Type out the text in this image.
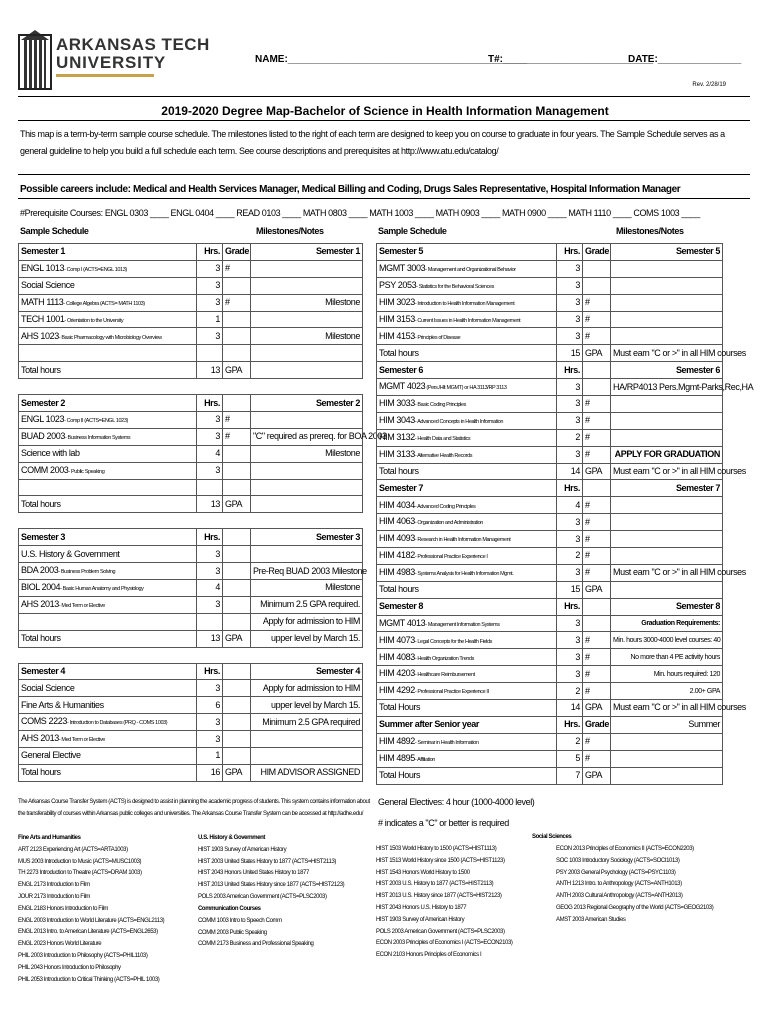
ARKANSAS TECH
UNIVERSITY	NAME:___________________________________________
T#:___________________________
DATE:_______________
Rev. 2/28/19
2019-2020 Degree Map-Bachelor of Science in Health Information Management
This map is a term-by-term sample course schedule. The milestones listed to the right of each term are designed to keep you on course to graduate in four years. The Sample Schedule serves as a general guideline to help you build a full schedule each term. See course descriptions and prerequisites at http://www.atu.edu/catalog/
Possible careers include: Medical and Health Services Manager, Medical Billing and Coding, Drugs Sales Representative, Hospital Information Manager
#Prerequisite Courses: ENGL 0303 ____ ENGL 0404 ____ READ 0103 ____ MATH 0803 ____ MATH 1003 ____ MATH 0903 ____ MATH 0900 ____ MATH 1110 ____ COMS 1003 ____
Sample Schedule	Milestones/Notes	Sample Schedule	Milestones/Notes
Semester 1	Hrs.	Grade	Semester 1
ENGL 1013- Comp I (ACTS=ENGL 1013)	3	#	
Social Science	3		
MATH 1113- College Algebra (ACTS= MATH 1103)	3	#	Milestone
TECH 1001- Orientation to the University	1		
AHS 1023- Basic Pharmacology with Microbiology Overview	3		Milestone

Total hours	13	GPA	

Semester 2	Hrs.		Semester 2
ENGL 1023- Comp II (ACTS=ENGL 1023)	3	#	
BUAD 2003- Business Information Systems	3	#	"C" required as prereq. for BOA 2003
Science with lab	4		Milestone
COMM 2003- Public Speaking	3		

Total hours	13	GPA	

Semester 3	Hrs.		Semester 3
U.S. History & Government	3		
BDA 2003- Business Problem Solving	3		Pre-Req BUAD 2003 Milestone
BIOL 2004- Basic Human Anatomy and Physiology	4		Milestone
AHS 2013- Med Term or Elective	3		Minimum 2.5 GPA required.
			Apply for admission to HIM
Total hours	13	GPA	upper level by March 15.

Semester 4	Hrs.		Semester 4
Social Science	3		Apply for admission to HIM
Fine Arts & Humanities	6		upper level by March 15.
COMS 2223- Introduction to Databases (PRQ - COMS 1003)	3		Minimum 2.5 GPA required
AHS 2013- Med Term or Elective	3		
General Elective	1		
Total hours	16	GPA	HIM ADVISOR ASSIGNED
Semester 5	Hrs.	Grade	Semester 5
MGMT 3003- Management and Organizational Behavior	3		
PSY 2053- Statistics for the Behavioral Sciences	3		
HIM 3023- Introduction to Health Information Management	3	#	
HIM 3153- Current Issues in Health Information Management	3	#	
HIM 4153- Principles of Disease	3	#	
Total hours	15	GPA	Must earn "C or >" in all HIM courses
Semester 6	Hrs.		Semester 6
MGMT 4023 (Pers./Hlt MGMT) or HA 3113/RP 3113	3		HA/RP4013 Pers.Mgmt-Parks,Rec,HA
HIM 3033- Basic Coding Principles	3	#	
HIM 3043- Advanced Concepts in Health Information	3	#	
HIM 3132- Health Data and Statistics	2	#	
HIM 3133- Alternative Health Records	3	#	APPLY FOR GRADUATION
Total hours	14	GPA	Must earn "C or >" in all HIM courses
Semester 7	Hrs.		Semester 7
HIM 4034- Advanced Coding Principles	4	#	
HIM 4063- Organization and Administration	3	#	
HIM 4093- Research in Health Information Management	3	#	
HIM 4182- Professional Practice Experience I	2	#	
HIM 4983- Systems Analysis for Health Information Mgmt.	3	#	Must earn "C or >" in all HIM courses
Total hours	15	GPA	
Semester 8	Hrs.		Semester 8
MGMT 4013- Management Information Systems	3		Graduation Requirements:
HIM 4073- Legal Concepts for the Health Fields	3	#	Min. hours 3000-4000 level courses: 40
HIM 4083- Health Organization Trends	3	#	No more than 4 PE activity hours
HIM 4203- Healthcare Reimbursement	3	#	Min. hours required: 120
HIM 4292- Professional Practice Experience II	2	#	2.00+ GPA
Total Hours	14	GPA	Must earn "C or >" in all HIM courses
Summer after Senior year	Hrs.	Grade	Summer
HIM 4892- Seminar in Health Information	2	#	
HIM 4895- Affiliation	5	#	
Total Hours	7	GPA	
The Arkansas Course Transfer System (ACTS) is designed to assist in planning the academic progress of students. This system contains information about the transferability of courses within Arkansas public colleges and universities. The Arkansas Course Transfer System can be accessed at http://adhe.edu/
Fine Arts and Humanities
ART 2123 Experiencing Art (ACTS=ARTA1003)
MUS 2003 Introduction to Music (ACTS=MUSC1003)
TH 2273 Introduction to Theatre (ACTS=DRAM 1003)
ENGL 2173 Introduction to Film
JOUR 2173 Introduction to Film
ENGL 2183 Honors Introduction to Film
ENGL 2003 Introduction to World Literature (ACTS=ENGL2113)
ENGL 2013 Intro. to American Literature (ACTS=ENGL2653)
ENGL 2023 Honors World Literature
PHIL 2003 Introduction to Philosophy (ACTS=PHIL1103)
PHIL 2043 Honors Introduction to Philosophy
PHIL 2053 Introduction to Critical Thinking (ACTS=PHIL 1003)
U.S. History & Government
HIST 1903 Survey of American History
HIST 2003 United States History to 1877 (ACTS=HIST2113)
HIST 2043 Honors United States History to 1877
HIST 2013 United States History since 1877 (ACTS=HIST2123)
POLS 2003 American Government (ACTS=PLSC2003)
Communication Courses
COMM 1003 Intro to Speech Comm
COMM 2003 Public Speaking
COMM 2173 Business and Professional Speaking
General Electives: 4 hour (1000-4000 level)
# indicates a "C" or better is required
HIST 1503 World History to 1500 (ACTS=HIST1113)
HIST 1513 World History since 1500 (ACTS=HIST1123)
HIST 1543 Honors World History to 1500
HIST 2003 U.S. History to 1877 (ACTS=HIST2113)
HIST 2013 U.S. History since 1877 (ACTS=HIST2123)
HIST 2043 Honors U.S. History to 1877
HIST 1903 Survey of American History
POLS 2003 American Government (ACTS=PLSC2003)
ECON 2003 Principles of Economics I (ACTS=ECON2103)
ECON 2103 Honors Principles of Economics I
Social Sciences
ECON 2013 Principles of Economics II (ACTS=ECON2203)
SOC 1003 Introductory Sociology (ACTS=SOCI1013)
PSY 2003 General Psychology (ACTS=PSYC1103)
ANTH 1213 Intro. to Anthropology (ACTS=ANTH1013)
ANTH 2003 Cultural Anthropology (ACTS=ANTH2013)
GEOG 2013 Regional Geography of the World (ACTS=GEOG2103)
AMST 2003 American Studies
